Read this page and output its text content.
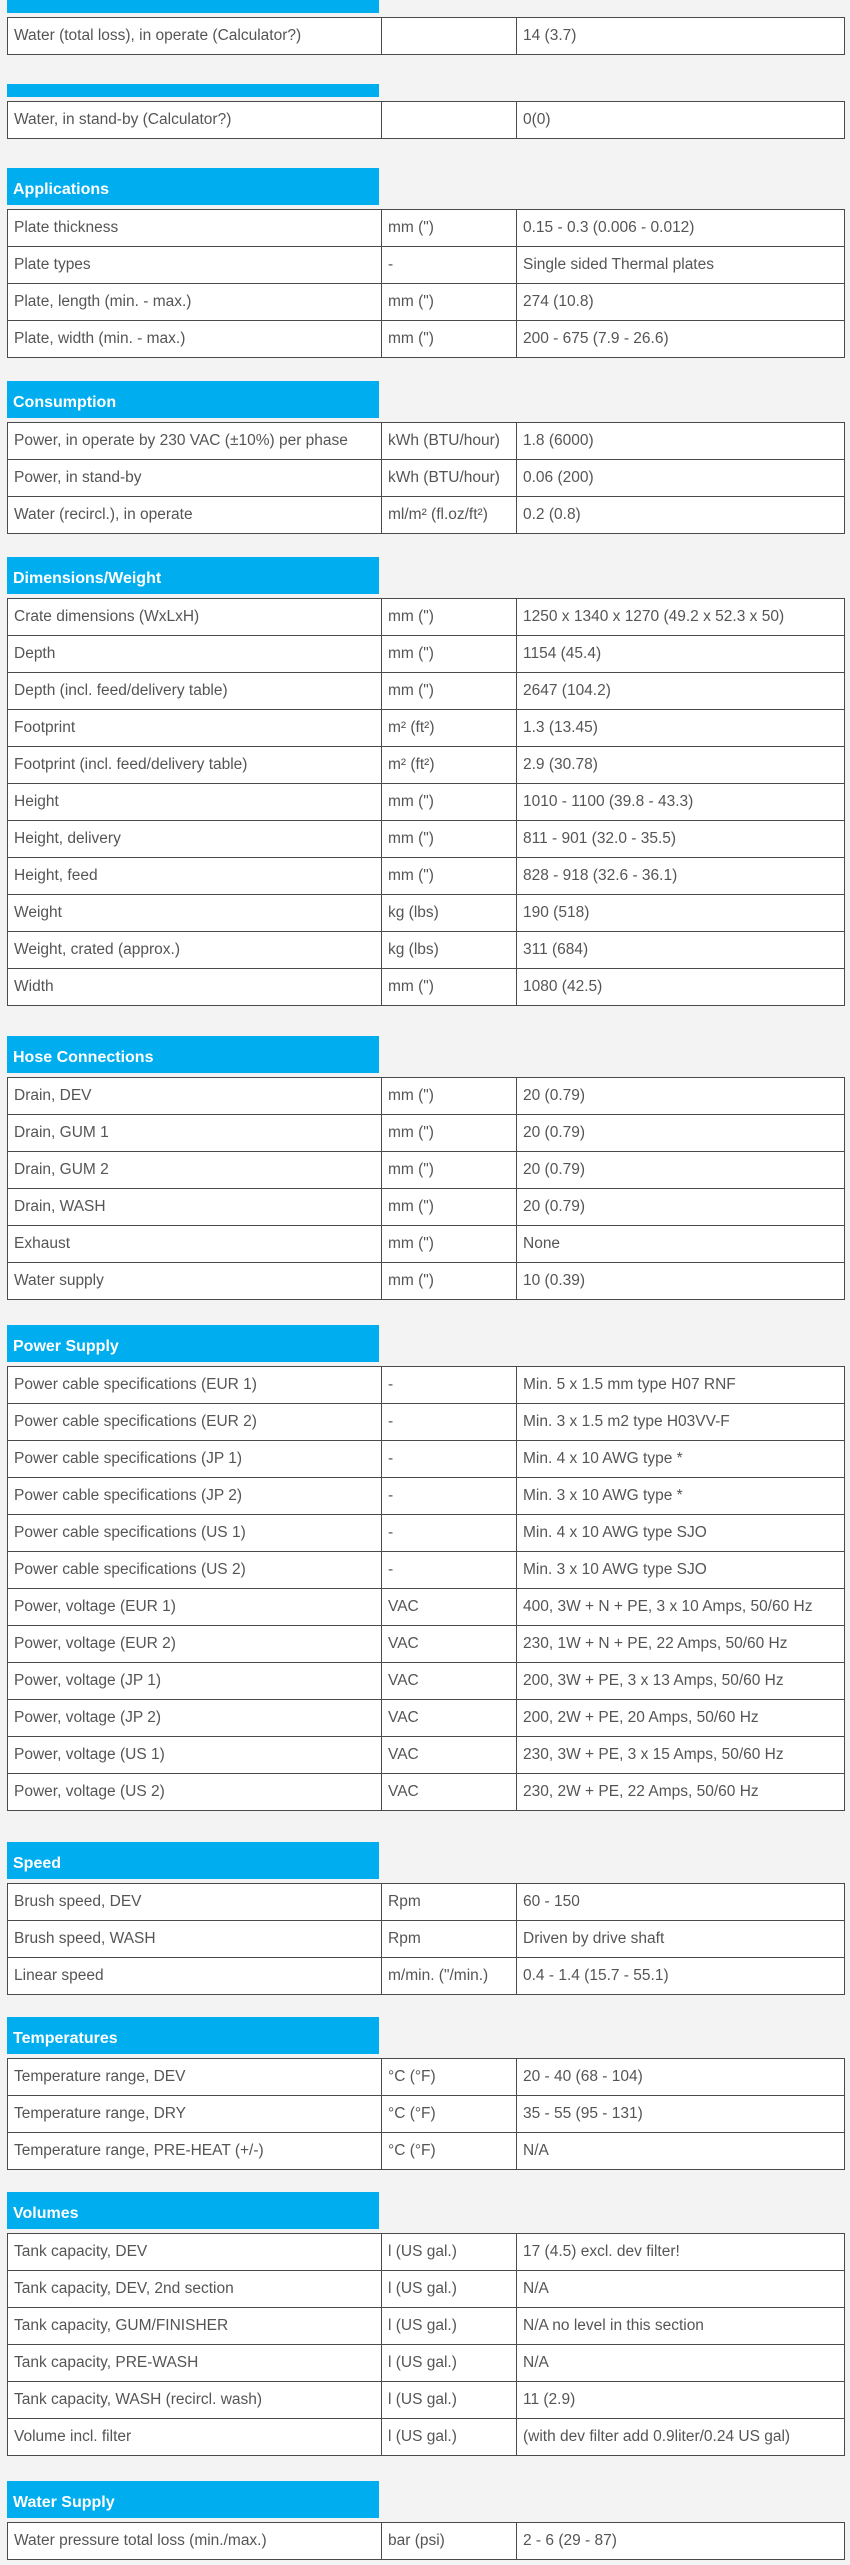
Water (total loss), in operate (Calculator?)		14 (3.7)
Water, in stand-by (Calculator?)		0(0)
Applications
Plate thickness	mm (")	0.15 - 0.3 (0.006 - 0.012)
Plate types	-	Single sided Thermal plates
Plate, length (min. - max.)	mm (")	274 (10.8)
Plate, width (min. - max.)	mm (")	200 - 675 (7.9 - 26.6)
Consumption
Power, in operate by 230 VAC (±10%) per phase	kWh (BTU/hour)	1.8 (6000)
Power, in stand-by	kWh (BTU/hour)	0.06 (200)
Water (recircl.), in operate	ml/m² (fl.oz/ft²)	0.2 (0.8)
Dimensions/Weight
Crate dimensions (WxLxH)	mm (")	1250 x 1340 x 1270 (49.2 x 52.3 x 50)
Depth	mm (")	1154 (45.4)
Depth (incl. feed/delivery table)	mm (")	2647 (104.2)
Footprint	m² (ft²)	1.3 (13.45)
Footprint (incl. feed/delivery table)	m² (ft²)	2.9 (30.78)
Height	mm (")	1010 - 1100 (39.8 - 43.3)
Height, delivery	mm (")	811 - 901 (32.0 - 35.5)
Height, feed	mm (")	828 - 918 (32.6 - 36.1)
Weight	kg (lbs)	190 (518)
Weight, crated (approx.)	kg (lbs)	311 (684)
Width	mm (")	1080 (42.5)
Hose Connections
Drain, DEV	mm (")	20 (0.79)
Drain, GUM 1	mm (")	20 (0.79)
Drain, GUM 2	mm (")	20 (0.79)
Drain, WASH	mm (")	20 (0.79)
Exhaust	mm (")	None
Water supply	mm (")	10 (0.39)
Power Supply
Power cable specifications (EUR 1)	-	Min. 5 x 1.5 mm type H07 RNF
Power cable specifications (EUR 2)	-	Min. 3 x 1.5 m2 type H03VV-F
Power cable specifications (JP 1)	-	Min. 4 x 10 AWG type *
Power cable specifications (JP 2)	-	Min. 3 x 10 AWG type *
Power cable specifications (US 1)	-	Min. 4 x 10 AWG type SJO
Power cable specifications (US 2)	-	Min. 3 x 10 AWG type SJO
Power, voltage (EUR 1)	VAC	400, 3W + N + PE, 3 x 10 Amps, 50/60 Hz
Power, voltage (EUR 2)	VAC	230, 1W + N + PE, 22 Amps, 50/60 Hz
Power, voltage (JP 1)	VAC	200, 3W + PE, 3 x 13 Amps, 50/60 Hz
Power, voltage (JP 2)	VAC	200, 2W + PE, 20 Amps, 50/60 Hz
Power, voltage (US 1)	VAC	230, 3W + PE, 3 x 15 Amps, 50/60 Hz
Power, voltage (US 2)	VAC	230, 2W + PE, 22 Amps, 50/60 Hz
Speed
Brush speed, DEV	Rpm	60 - 150
Brush speed, WASH	Rpm	Driven by drive shaft
Linear speed	m/min. ("/min.)	0.4 - 1.4 (15.7 - 55.1)
Temperatures
Temperature range, DEV	°C (°F)	20 - 40 (68 - 104)
Temperature range, DRY	°C (°F)	35 - 55 (95 - 131)
Temperature range, PRE-HEAT (+/-)	°C (°F)	N/A
Volumes
Tank capacity, DEV	l (US gal.)	17 (4.5) excl. dev filter!
Tank capacity, DEV, 2nd section	l (US gal.)	N/A
Tank capacity, GUM/FINISHER	l (US gal.)	N/A no level in this section
Tank capacity, PRE-WASH	l (US gal.)	N/A
Tank capacity, WASH (recircl. wash)	l (US gal.)	11 (2.9)
Volume incl. filter	l (US gal.)	(with dev filter add 0.9liter/0.24 US gal)
Water Supply
Water pressure total loss (min./max.)	bar (psi)	2 - 6 (29 - 87)
